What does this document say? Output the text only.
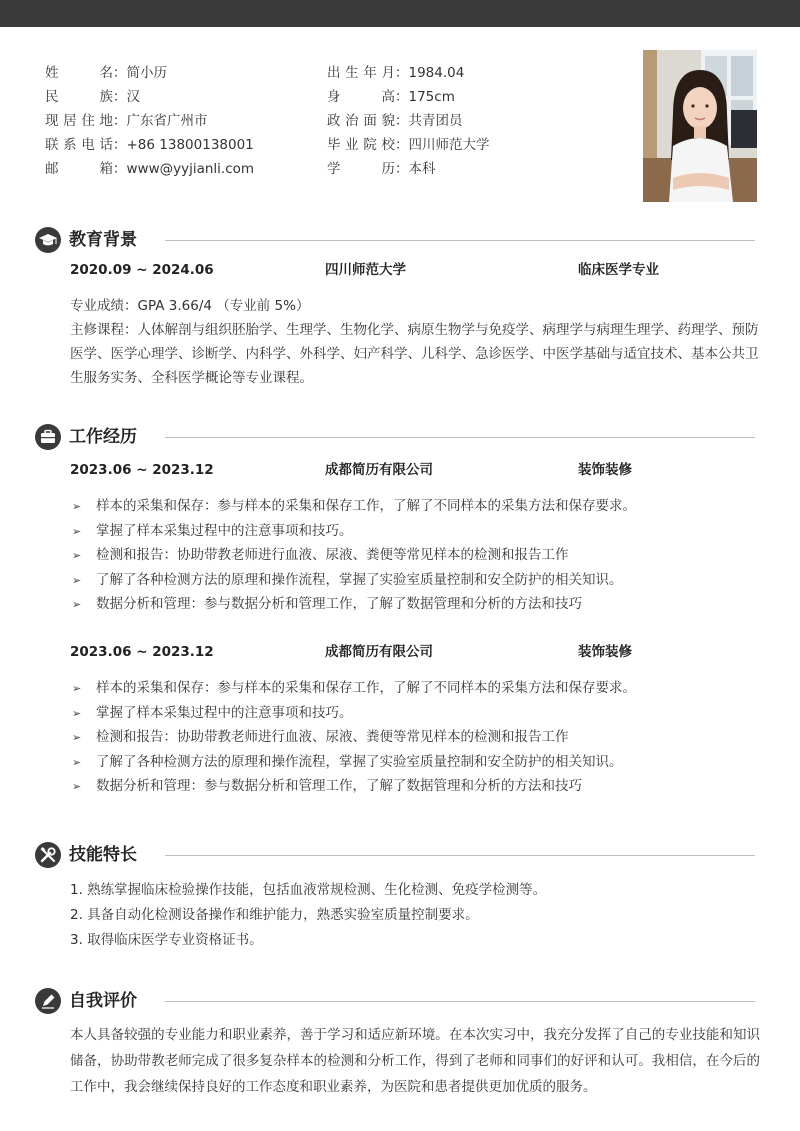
姓名：简小历
民族：汉
现居住地：广东省广州市
联系电话：+86 13800138001
邮箱：www@yyjianli.com
出生年月：1984.04
身高：175cm
政治面貌：共青团员
毕业院校：四川师范大学
学历：本科
教育背景
2020.09 ~ 2024.06	四川师范大学	临床医学专业

专业成绩：GPA 3.66/4 （专业前 5%）

主修课程：人体解剖与组织胚胎学、生理学、生物化学、病原生物学与免疫学、病理学与病理生理学、药理学、预防医学、医学心理学、诊断学、内科学、外科学、妇产科学、儿科学、急诊医学、中医学基础与适宜技术、基本公共卫生服务实务、全科医学概论等专业课程。

工作经历
2023.06 ~ 2023.12	成都简历有限公司	装饰装修
➢ 样本的采集和保存：参与样本的采集和保存工作，了解了不同样本的采集方法和保存要求。
➢ 掌握了样本采集过程中的注意事项和技巧。
➢ 检测和报告：协助带教老师进行血液、尿液、粪便等常见样本的检测和报告工作
➢ 了解了各种检测方法的原理和操作流程，掌握了实验室质量控制和安全防护的相关知识。
➢ 数据分析和管理：参与数据分析和管理工作，了解了数据管理和分析的方法和技巧
2023.06 ~ 2023.12	成都简历有限公司	装饰装修
➢ 样本的采集和保存：参与样本的采集和保存工作，了解了不同样本的采集方法和保存要求。
➢ 掌握了样本采集过程中的注意事项和技巧。
➢ 检测和报告：协助带教老师进行血液、尿液、粪便等常见样本的检测和报告工作
➢ 了解了各种检测方法的原理和操作流程，掌握了实验室质量控制和安全防护的相关知识。
➢ 数据分析和管理：参与数据分析和管理工作，了解了数据管理和分析的方法和技巧
技能特长
1. 熟练掌握临床检验操作技能，包括血液常规检测、生化检测、免疫学检测等。
2. 具备自动化检测设备操作和维护能力，熟悉实验室质量控制要求。
3. 取得临床医学专业资格证书。
自我评价
本人具备较强的专业能力和职业素养，善于学习和适应新环境。在本次实习中，我充分发挥了自己的专业技能和知识储备，协助带教老师完成了很多复杂样本的检测和分析工作，得到了老师和同事们的好评和认可。我相信，在今后的工作中，我会继续保持良好的工作态度和职业素养，为医院和患者提供更加优质的服务。
